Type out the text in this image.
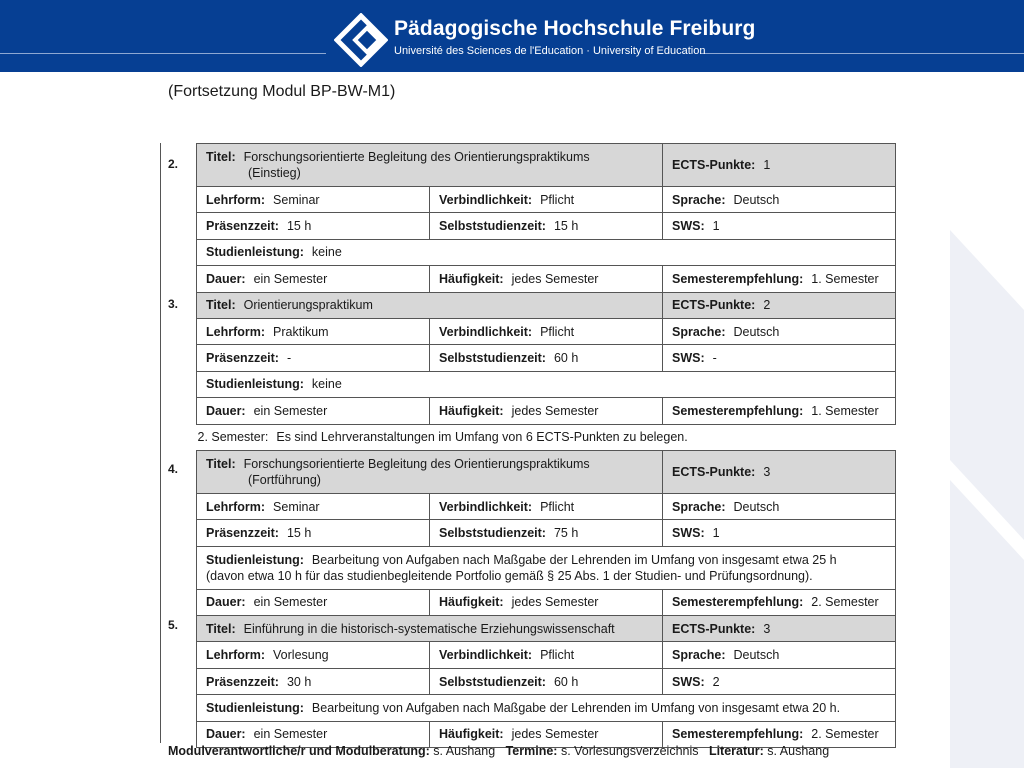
Pädagogische Hochschule Freiburg
Université des Sciences de l'Education · University of Education
(Fortsetzung Modul BP-BW-M1)
2.
3.
4.
5.
Titel: Forschungsorientierte Begleitung des Orientierungspraktikums
(Einstieg)		ECTS-Punkte: 1
Lehrform: Seminar	Verbindlichkeit: Pflicht	Sprache: Deutsch
Präsenzzeit: 15 h	Selbststudienzeit: 15 h	SWS: 1
Studienleistung: keine		
Dauer: ein Semester	Häufigkeit: jedes Semester	Semesterempfehlung: 1. Semester
Titel: Orientierungspraktikum		ECTS-Punkte: 2
Lehrform: Praktikum	Verbindlichkeit: Pflicht	Sprache: Deutsch
Präsenzzeit: -	Selbststudienzeit: 60 h	SWS: -
Studienleistung: keine		
Dauer: ein Semester	Häufigkeit: jedes Semester	Semesterempfehlung: 1. Semester
2. Semester: Es sind Lehrveranstaltungen im Umfang von 6 ECTS-Punkten zu belegen.		
Titel: Forschungsorientierte Begleitung des Orientierungspraktikums
(Fortführung)		ECTS-Punkte: 3
Lehrform: Seminar	Verbindlichkeit: Pflicht	Sprache: Deutsch
Präsenzzeit: 15 h	Selbststudienzeit: 75 h	SWS: 1
Studienleistung: Bearbeitung von Aufgaben nach Maßgabe der Lehrenden im Umfang von insgesamt etwa 25 h
(davon etwa 10 h für das studienbegleitende Portfolio gemäß § 25 Abs. 1 der Studien- und Prüfungsordnung).		
Dauer: ein Semester	Häufigkeit: jedes Semester	Semesterempfehlung: 2. Semester
Titel: Einführung in die historisch-systematische Erziehungswissenschaft		ECTS-Punkte: 3
Lehrform: Vorlesung	Verbindlichkeit: Pflicht	Sprache: Deutsch
Präsenzzeit: 30 h	Selbststudienzeit: 60 h	SWS: 2
Studienleistung: Bearbeitung von Aufgaben nach Maßgabe der Lehrenden im Umfang von insgesamt etwa 20 h.		
Dauer: ein Semester	Häufigkeit: jedes Semester	Semesterempfehlung: 2. Semester
Modulverantwortliche/r und Modulberatung: s. Aushang Termine: s. Vorlesungsverzeichnis Literatur: s. Aushang
